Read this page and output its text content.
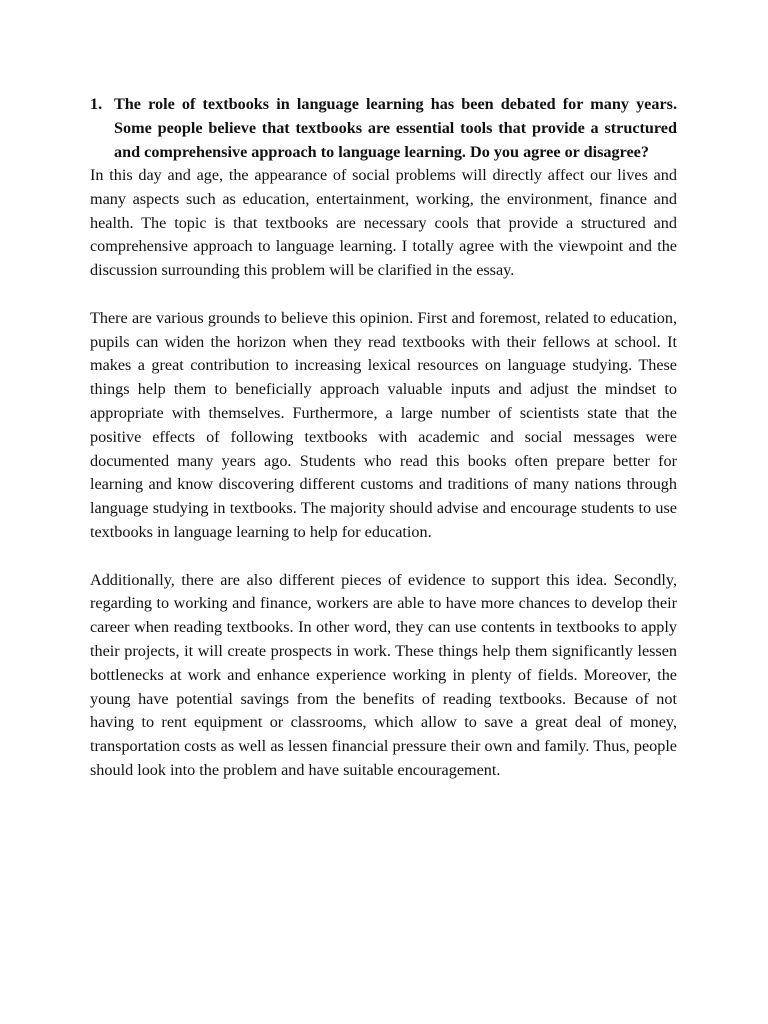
1. The role of textbooks in language learning has been debated for many years. Some people believe that textbooks are essential tools that provide a structured and comprehensive approach to language learning. Do you agree or disagree?

In this day and age, the appearance of social problems will directly affect our lives and many aspects such as education, entertainment, working, the environment, finance and health. The topic is that textbooks are necessary cools that provide a structured and comprehensive approach to language learning. I totally agree with the viewpoint and the discussion surrounding this problem will be clarified in the essay.

There are various grounds to believe this opinion. First and foremost, related to education, pupils can widen the horizon when they read textbooks with their fellows at school. It makes a great contribution to increasing lexical resources on language studying. These things help them to beneficially approach valuable inputs and adjust the mindset to appropriate with themselves. Furthermore, a large number of scientists state that the positive effects of following textbooks with academic and social messages were documented many years ago. Students who read this books often prepare better for learning and know discovering different customs and traditions of many nations through language studying in textbooks. The majority should advise and encourage students to use textbooks in language learning to help for education.

Additionally, there are also different pieces of evidence to support this idea. Secondly, regarding to working and finance, workers are able to have more chances to develop their career when reading textbooks. In other word, they can use contents in textbooks to apply their projects, it will create prospects in work. These things help them significantly lessen bottlenecks at work and enhance experience working in plenty of fields. Moreover, the young have potential savings from the benefits of reading textbooks. Because of not having to rent equipment or classrooms, which allow to save a great deal of money, transportation costs as well as lessen financial pressure their own and family. Thus, people should look into the problem and have suitable encouragement.
